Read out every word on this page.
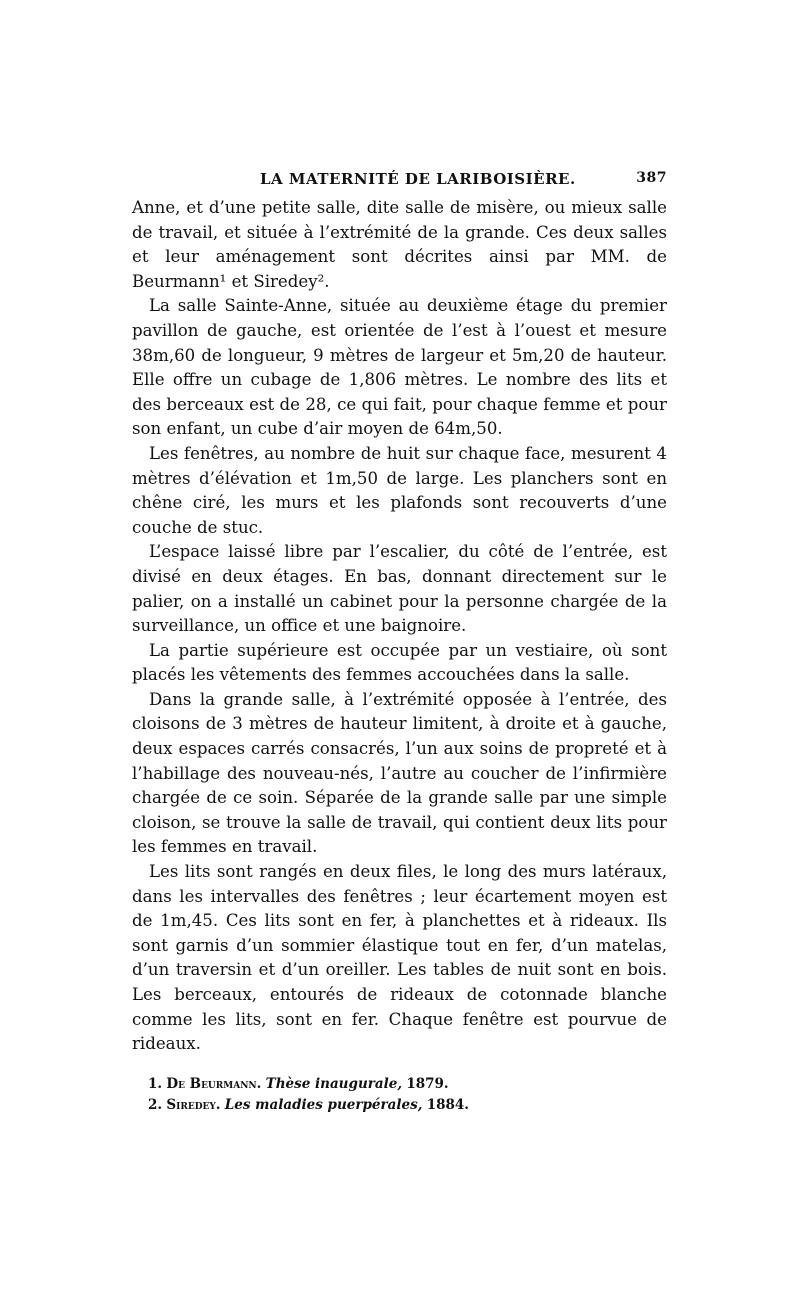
LA MATERNITÉ DE LARIBOISIÈRE.	387

Anne, et d’une petite salle, dite salle de misère, ou mieux salle de travail, et située à l’extrémité de la grande. Ces deux salles et leur aménagement sont décrites ainsi par MM. de Beurmann¹ et Siredey².

La salle Sainte-Anne, située au deuxième étage du premier pavillon de gauche, est orientée de l’est à l’ouest et mesure 38m,60 de longueur, 9 mètres de largeur et 5m,20 de hauteur. Elle offre un cubage de 1,806 mètres. Le nombre des lits et des berceaux est de 28, ce qui fait, pour chaque femme et pour son enfant, un cube d’air moyen de 64m,50.

Les fenêtres, au nombre de huit sur chaque face, mesurent 4 mètres d’élévation et 1m,50 de large. Les planchers sont en chêne ciré, les murs et les plafonds sont recouverts d’une couche de stuc.

L’espace laissé libre par l’escalier, du côté de l’entrée, est divisé en deux étages. En bas, donnant directement sur le palier, on a installé un cabinet pour la personne chargée de la surveillance, un office et une baignoire.

La partie supérieure est occupée par un vestiaire, où sont placés les vêtements des femmes accouchées dans la salle.

Dans la grande salle, à l’extrémité opposée à l’entrée, des cloisons de 3 mètres de hauteur limitent, à droite et à gauche, deux espaces carrés consacrés, l’un aux soins de propreté et à l’habillage des nouveau-nés, l’autre au coucher de l’infirmière chargée de ce soin. Séparée de la grande salle par une simple cloison, se trouve la salle de travail, qui contient deux lits pour les femmes en travail.

Les lits sont rangés en deux files, le long des murs latéraux, dans les intervalles des fenêtres ; leur écartement moyen est de 1m,45. Ces lits sont en fer, à planchettes et à rideaux. Ils sont garnis d’un sommier élastique tout en fer, d’un matelas, d’un traversin et d’un oreiller. Les tables de nuit sont en bois. Les berceaux, entourés de rideaux de cotonnade blanche comme les lits, sont en fer. Chaque fenêtre est pourvue de rideaux.

1. De Beurmann. Thèse inaugurale, 1879.

2. Siredey. Les maladies puerpérales, 1884.
